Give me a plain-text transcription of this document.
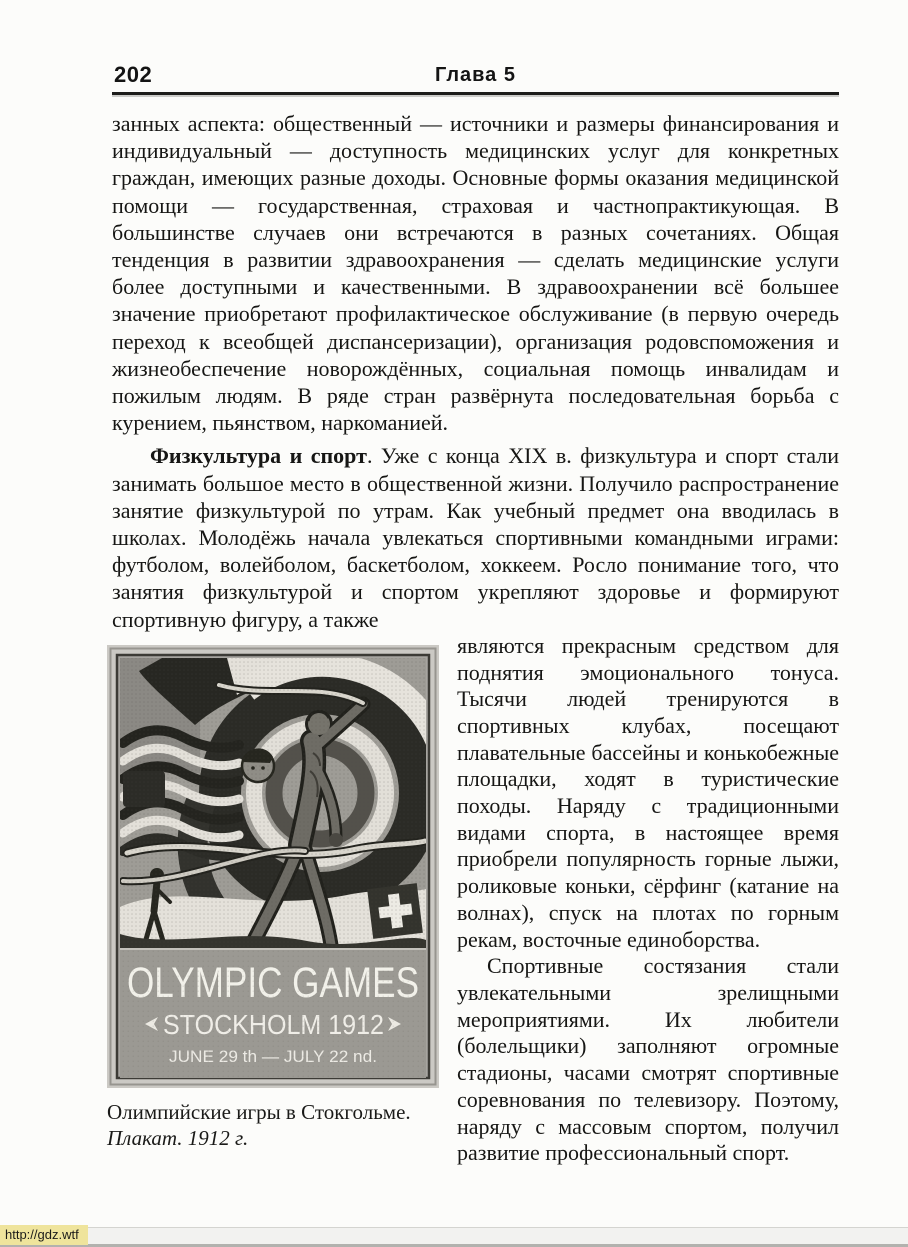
202	Глава 5

занных аспекта: общественный — источники и размеры финансирования и индивидуальный — доступность медицинских услуг для конкретных граждан, имеющих разные доходы. Основные формы оказания медицинской помощи — государственная, страховая и частнопрактикующая. В большинстве случаев они встречаются в разных сочетаниях. Общая тенденция в развитии здравоохранения — сделать медицинские услуги более доступными и качественными. В здравоохранении всё большее значение приобретают профилактическое обслуживание (в первую очередь переход к всеобщей диспансеризации), организация родовспоможения и жизнеобеспечение новорождённых, социальная помощь инвалидам и пожилым людям. В ряде стран развёрнута последовательная борьба с курением, пьянством, наркоманией.

Физкультура и спорт. Уже с конца XIX в. физкультура и спорт стали занимать большое место в общественной жизни. Получило распространение занятие физкультурой по утрам. Как учебный предмет она вводилась в школах. Молодёжь начала увлекаться спортивными командными играми: футболом, волейболом, баскетболом, хоккеем. Росло понимание того, что занятия физкультурой и спортом укрепляют здоровье и формируют спортивную фигуру, а также

Олимпийские игры в Стокгольме.
Плакат. 1912 г.

являются прекрасным средством для поднятия эмоционального тонуса. Тысячи людей тренируются в спортивных клубах, посещают плавательные бассейны и конькобежные площадки, ходят в туристические походы. Наряду с традиционными видами спорта, в настоящее время приобрели популярность горные лыжи, роликовые коньки, сёрфинг (катание на волнах), спуск на плотах по горным рекам, восточные единоборства.

Спортивные состязания стали увлекательными зрелищными мероприятиями. Их любители (болельщики) заполняют огромные стадионы, часами смотрят спортивные соревнования по телевизору. Поэтому, наряду с массовым спортом, получил развитие профессиональный спорт.

http://gdz.wtf
